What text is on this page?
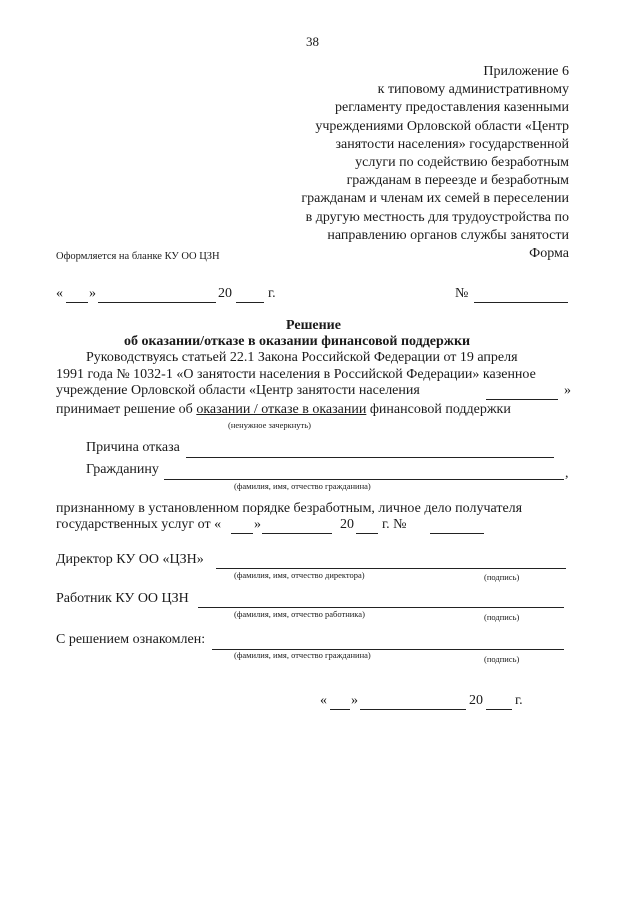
38
Приложение 6
к типовому административному
регламенту предоставления казенными
учреждениями Орловской области «Центр
занятости населения» государственной
услуги по содействию безработным
гражданам в переезде и безработным
гражданам и членам их семей в переселении
в другую местность для трудоустройства по
направлению органов службы занятости
Форма
Оформляется на бланке КУ ОО ЦЗН
« »	20	г.	№
Решение
об оказании/отказе в оказании финансовой поддержки
Руководствуясь статьей 22.1 Закона Российской Федерации от 19 апреля
1991 года № 1032-1 «О занятости населения в Российской Федерации» казенное
учреждение Орловской области «Центр занятости населения	»
принимает решение об оказании / отказе в оказании финансовой поддержки
(ненужное зачеркнуть)
Причина отказа
Гражданину	,
(фамилия, имя, отчество гражданина)
признанному в установленном порядке безработным, личное дело получателя
государственных услуг от « »	20 г. №
Директор КУ ОО «ЦЗН»
(фамилия, имя, отчество директора)	(подпись)
Работник КУ ОО ЦЗН
(фамилия, имя, отчество работника)	(подпись)
С решением ознакомлен:
(фамилия, имя, отчество гражданина)	(подпись)
« »	20 г.
